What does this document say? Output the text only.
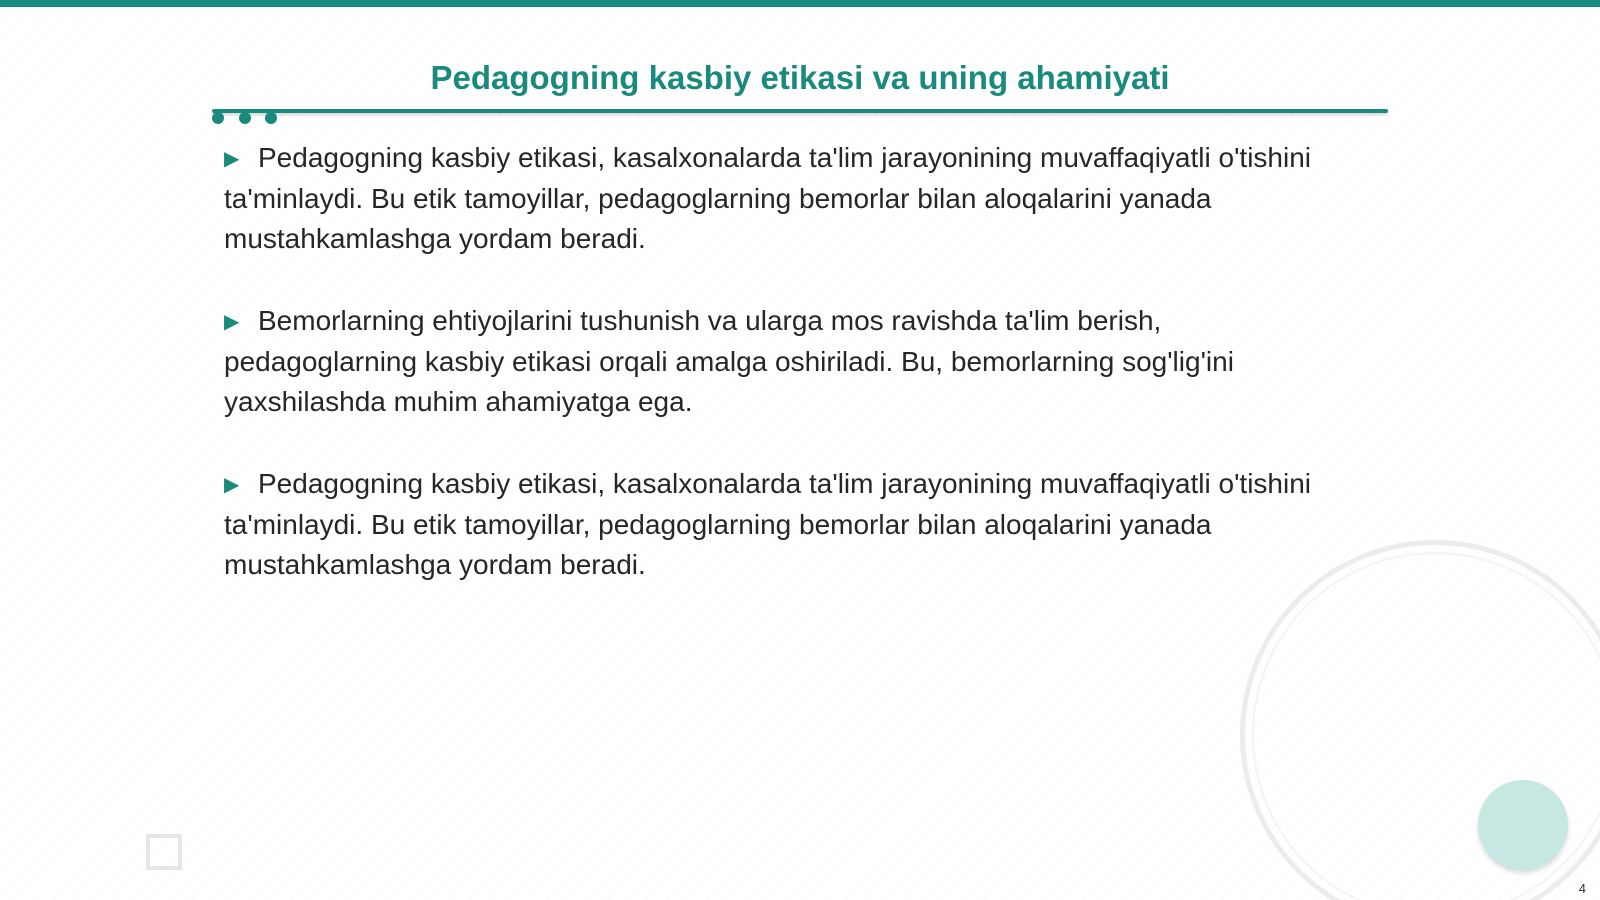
Pedagogning kasbiy etikasi va uning ahamiyati

▶ Pedagogning kasbiy etikasi, kasalxonalarda ta'lim jarayonining muvaffaqiyatli o'tishini ta'minlaydi. Bu etik tamoyillar, pedagoglarning bemorlar bilan aloqalarini yanada mustahkamlashga yordam beradi.

▶ Bemorlarning ehtiyojlarini tushunish va ularga mos ravishda ta'lim berish, pedagoglarning kasbiy etikasi orqali amalga oshiriladi. Bu, bemorlarning sog'lig'ini yaxshilashda muhim ahamiyatga ega.

▶ Pedagogning kasbiy etikasi, kasalxonalarda ta'lim jarayonining muvaffaqiyatli o'tishini ta'minlaydi. Bu etik tamoyillar, pedagoglarning bemorlar bilan aloqalarini yanada mustahkamlashga yordam beradi.

4
